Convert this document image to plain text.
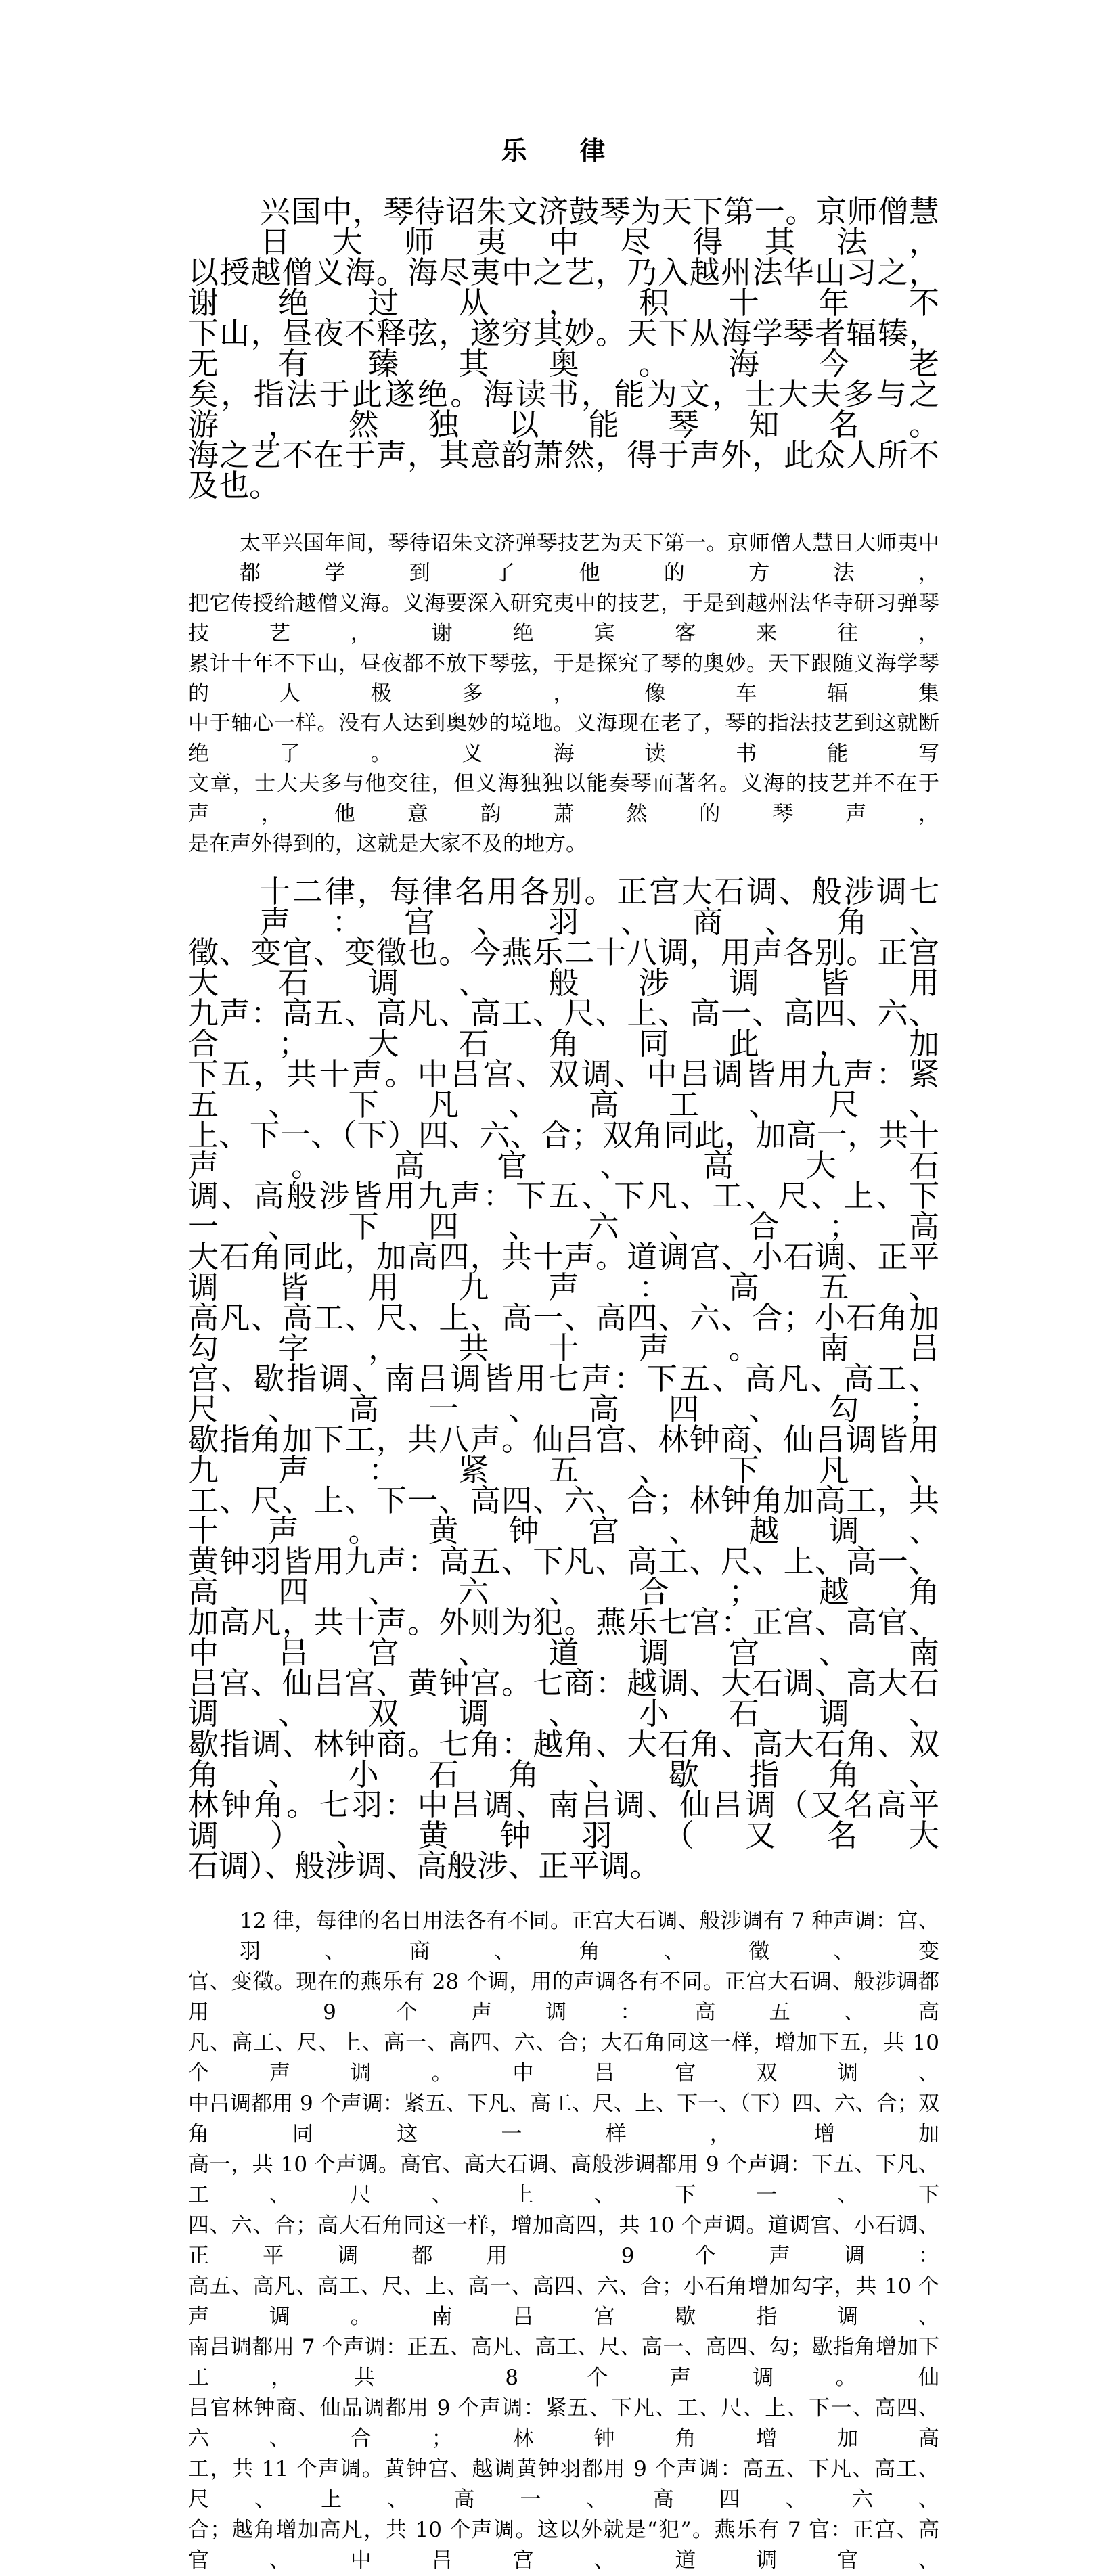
乐　律
兴国中，琴待诏朱文济鼓琴为天下第一。京师僧慧日大师夷中尽得其法，
以授越僧义海。海尽夷中之艺，乃入越州法华山习之，谢绝过从，积十年不
下山，昼夜不释弦，遂穷其妙。天下从海学琴者辐辏，无有臻其奥。海今老
矣，指法于此遂绝。海读书，能为文，士大夫多与之游，然独以能琴知名。
海之艺不在于声，其意韵萧然，得于声外，此众人所不及也。
太平兴国年间，琴待诏朱文济弹琴技艺为天下第一。京师僧人慧日大师夷中都学到了他的方法，
把它传授给越僧义海。义海要深入研究夷中的技艺，于是到越州法华寺研习弹琴技艺，谢绝宾客来往，
累计十年不下山，昼夜都不放下琴弦，于是探究了琴的奥妙。天下跟随义海学琴的人极多，像车辐集
中于轴心一样。没有人达到奥妙的境地。义海现在老了，琴的指法技艺到这就断绝了。义海读书能写
文章，士大夫多与他交往，但义海独独以能奏琴而著名。义海的技艺并不在于声，他意韵萧然的琴声，
是在声外得到的，这就是大家不及的地方。
十二律，每律名用各别。正宫大石调、般涉调七声：宫、羽、商、角、
徵、变官、变徵也。今燕乐二十八调，用声各别。正宫大石调、般涉调皆用
九声：高五、高凡、高工、尺、上、高一、高四、六、合；大石角同此，加
下五，共十声。中吕宫、双调、中吕调皆用九声：紧五、下凡、高工、尺、
上、下一、（下）四、六、合；双角同此，加高一，共十声。高官、高大石
调、高般涉皆用九声：下五、下凡、工、尺、上、下一、下四、六、合；高
大石角同此，加高四，共十声。道调宫、小石调、正平调皆用九声：高五、
高凡、高工、尺、上、高一、高四、六、合；小石角加勾字，共十声。南吕
宫、歇指调、南吕调皆用七声：下五、高凡、高工、尺、高一、高四、勾；
歇指角加下工，共八声。仙吕宫、林钟商、仙吕调皆用九声：紧五、下凡、
工、尺、上、下一、高四、六、合；林钟角加高工，共十声。黄钟宫、越调、
黄钟羽皆用九声：高五、下凡、高工、尺、上、高一、高四、六、合；越角
加高凡，共十声。外则为犯。燕乐七宫：正宫、高官、中吕宫、道调宫、南
吕宫、仙吕宫、黄钟宫。七商：越调、大石调、高大石调、双调、小石调、
歇指调、林钟商。七角：越角、大石角、高大石角、双角、小石角、歇指角、
林钟角。七羽：中吕调、南吕调、仙吕调（又名高平调）、黄钟羽（又名大
石调）、般涉调、高般涉、正平调。
12 律，每律的名目用法各有不同。正宫大石调、般涉调有 7 种声调：宫、羽、商、角、徵、变
官、变徵。现在的燕乐有 28 个调，用的声调各有不同。正宫大石调、般涉调都用 9 个声调：高五、高
凡、高工、尺、上、高一、高四、六、合；大石角同这一样，增加下五，共 10 个声调。中吕官双调、
中吕调都用 9 个声调：紧五、下凡、高工、尺、上、下一、（下）四、六、合；双角同这一样，增加
高一，共 10 个声调。高官、高大石调、高般涉调都用 9 个声调：下五、下凡、工、尺、上、下一、下
四、六、合；高大石角同这一样，增加高四，共 10 个声调。道调宫、小石调、正平调都用 9 个声调：
高五、高凡、高工、尺、上、高一、高四、六、合；小石角增加勾字，共 10 个声调。南吕宫歇指调、
南吕调都用 7 个声调：正五、高凡、高工、尺、高一、高四、勾；歇指角增加下工，共 8 个声调。仙
吕官林钟商、仙品调都用 9 个声调：紧五、下凡、工、尺、上、下一、高四、六、合；林钟角增加高
工，共 11 个声调。黄钟宫、越调黄钟羽都用 9 个声调：高五、下凡、高工、尺、上、高一、高四、六、
合；越角增加高凡，共 10 个声调。这以外就是“犯”。燕乐有 7 官：正宫、高官、中吕宫、道调官、
